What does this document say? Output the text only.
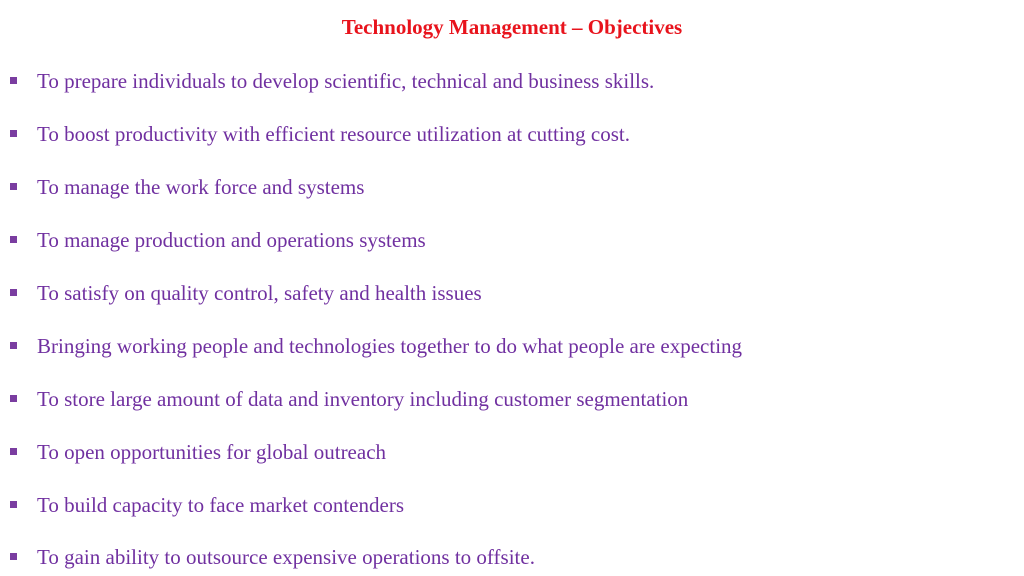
Technology Management – Objectives
To prepare individuals to develop scientific, technical and business skills.
To boost productivity with efficient resource utilization at cutting cost.
To manage the work force and systems
To manage production and operations systems
To satisfy on quality control, safety and health issues
Bringing working people and technologies together to do what people are expecting
To store large amount of data and inventory including customer segmentation
To open opportunities for global outreach
To build capacity to face market contenders
To gain ability to outsource expensive operations to offsite.
